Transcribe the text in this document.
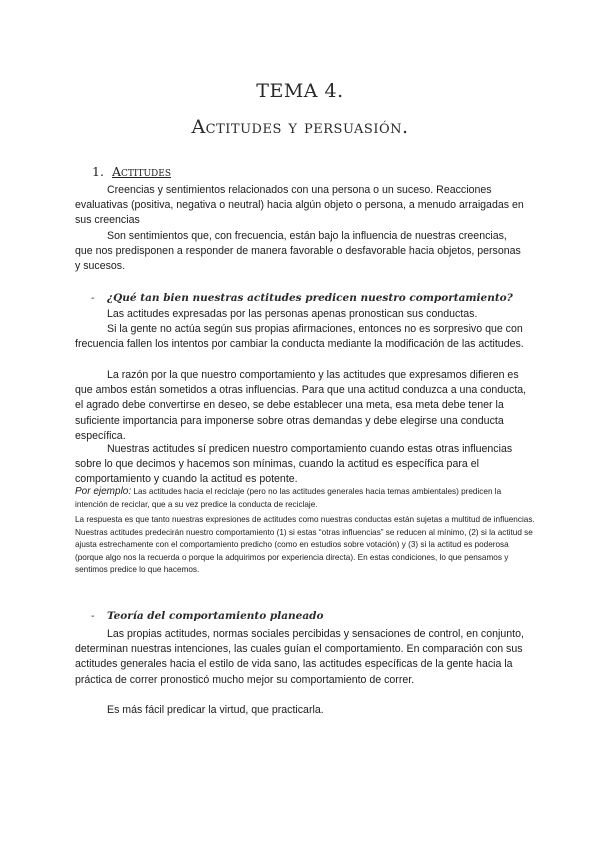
TEMA 4.
Actitudes y persuasión.
1. Actitudes

Creencias y sentimientos relacionados con una persona o un suceso. Reacciones evaluativas (positiva, negativa o neutral) hacia algún objeto o persona, a menudo arraigadas en sus creencias

Son sentimientos que, con frecuencia, están bajo la influencia de nuestras creencias, que nos predisponen a responder de manera favorable o desfavorable hacia objetos, personas y sucesos.

- ¿Qué tan bien nuestras actitudes predicen nuestro comportamiento?

Las actitudes expresadas por las personas apenas pronostican sus conductas.

Si la gente no actúa según sus propias afirmaciones, entonces no es sorpresivo que con frecuencia fallen los intentos por cambiar la conducta mediante la modificación de las actitudes.

La razón por la que nuestro comportamiento y las actitudes que expresamos difieren es que ambos están sometidos a otras influencias. Para que una actitud conduzca a una conducta, el agrado debe convertirse en deseo, se debe establecer una meta, esa meta debe tener la suficiente importancia para imponerse sobre otras demandas y debe elegirse una conducta específica.

Nuestras actitudes sí predicen nuestro comportamiento cuando estas otras influencias sobre lo que decimos y hacemos son mínimas, cuando la actitud es específica para el comportamiento y cuando la actitud es potente.

Por ejemplo: Las actitudes hacia el reciclaje (pero no las actitudes generales hacia temas ambientales) predicen la intención de reciclar, que a su vez predice la conducta de reciclaje.

La respuesta es que tanto nuestras expresiones de actitudes como nuestras conductas están sujetas a multitud de influencias. Nuestras actitudes predecirán nuestro comportamiento (1) si estas “otras influencias” se reducen al mínimo, (2) si la actitud se ajusta estrechamente con el comportamiento predicho (como en estudios sobre votación) y (3) si la actitud es poderosa (porque algo nos la recuerda o porque la adquirimos por experiencia directa). En estas condiciones, lo que pensamos y sentimos predice lo que hacemos.

- Teoría del comportamiento planeado

Las propias actitudes, normas sociales percibidas y sensaciones de control, en conjunto, determinan nuestras intenciones, las cuales guían el comportamiento. En comparación con sus actitudes generales hacia el estilo de vida sano, las actitudes específicas de la gente hacia la práctica de correr pronosticó mucho mejor su comportamiento de correr.

Es más fácil predicar la virtud, que practicarla.
